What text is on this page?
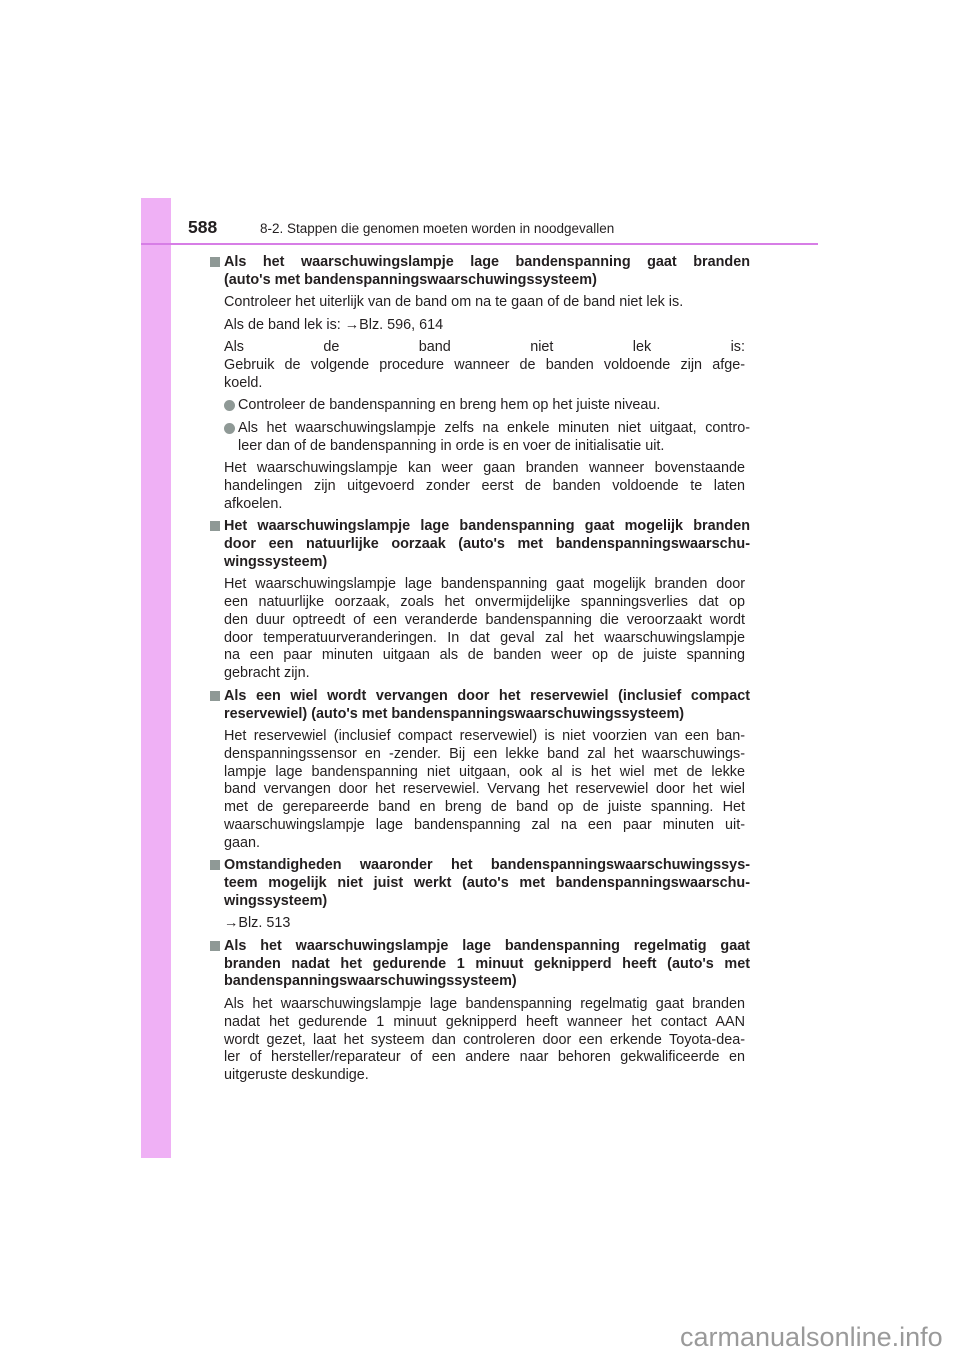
588	8-2. Stappen die genomen moeten worden in noodgevallen
Als het waarschuwingslampje lage bandenspanning gaat branden
(auto's met bandenspanningswaarschuwingssysteem)
Controleer het uiterlijk van de band om na te gaan of de band niet lek is.
Als de band lek is: →Blz. 596, 614
Als de band niet lek is:
Gebruik de volgende procedure wanneer de banden voldoende zijn afge-
koeld.
Controleer de bandenspanning en breng hem op het juiste niveau.
Als het waarschuwingslampje zelfs na enkele minuten niet uitgaat, contro-
leer dan of de bandenspanning in orde is en voer de initialisatie uit.
Het waarschuwingslampje kan weer gaan branden wanneer bovenstaande
handelingen zijn uitgevoerd zonder eerst de banden voldoende te laten
afkoelen.
Het waarschuwingslampje lage bandenspanning gaat mogelijk branden
door een natuurlijke oorzaak (auto's met bandenspanningswaarschu-
wingssysteem)
Het waarschuwingslampje lage bandenspanning gaat mogelijk branden door
een natuurlijke oorzaak, zoals het onvermijdelijke spanningsverlies dat op
den duur optreedt of een veranderde bandenspanning die veroorzaakt wordt
door temperatuurveranderingen. In dat geval zal het waarschuwingslampje
na een paar minuten uitgaan als de banden weer op de juiste spanning
gebracht zijn.
Als een wiel wordt vervangen door het reservewiel (inclusief compact
reservewiel) (auto's met bandenspanningswaarschuwingssysteem)
Het reservewiel (inclusief compact reservewiel) is niet voorzien van een ban-
denspanningssensor en -zender. Bij een lekke band zal het waarschuwings-
lampje lage bandenspanning niet uitgaan, ook al is het wiel met de lekke
band vervangen door het reservewiel. Vervang het reservewiel door het wiel
met de gerepareerde band en breng de band op de juiste spanning. Het
waarschuwingslampje lage bandenspanning zal na een paar minuten uit-
gaan.
Omstandigheden waaronder het bandenspanningswaarschuwingssys-
teem mogelijk niet juist werkt (auto's met bandenspanningswaarschu-
wingssysteem)
→Blz. 513
Als het waarschuwingslampje lage bandenspanning regelmatig gaat
branden nadat het gedurende 1 minuut geknipperd heeft (auto's met
bandenspanningswaarschuwingssysteem)
Als het waarschuwingslampje lage bandenspanning regelmatig gaat branden
nadat het gedurende 1 minuut geknipperd heeft wanneer het contact AAN
wordt gezet, laat het systeem dan controleren door een erkende Toyota-dea-
ler of hersteller/reparateur of een andere naar behoren gekwalificeerde en
uitgeruste deskundige.
carmanualsonline.info
